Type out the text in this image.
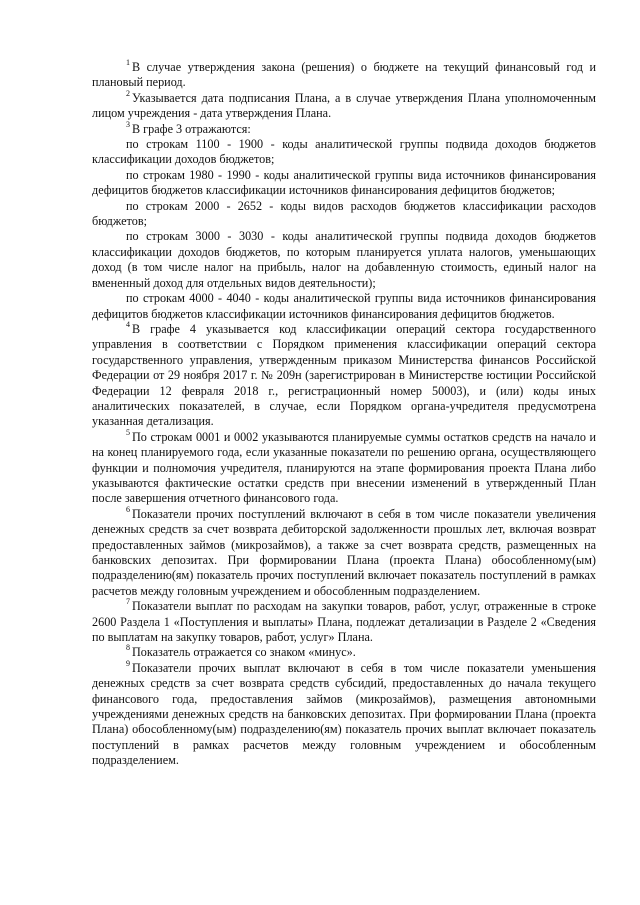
$^1$ В случае утверждения закона (решения) о бюджете на текущий финансовый год и плановый период.

$^2$ Указывается дата подписания Плана, а в случае утверждения Плана уполномоченным лицом учреждения - дата утверждения Плана.

$^3$ В графе 3 отражаются:

по строкам 1100 - 1900 - коды аналитической группы подвида доходов бюджетов классификации доходов бюджетов;

по строкам 1980 - 1990 - коды аналитической группы вида источников финансирования дефицитов бюджетов классификации источников финансирования дефицитов бюджетов;

по строкам 2000 - 2652 - коды видов расходов бюджетов классификации расходов бюджетов;

по строкам 3000 - 3030 - коды аналитической группы подвида доходов бюджетов классификации доходов бюджетов, по которым планируется уплата налогов, уменьшающих доход (в том числе налог на прибыль, налог на добавленную стоимость, единый налог на вмененный доход для отдельных видов деятельности);

по строкам 4000 - 4040 - коды аналитической группы вида источников финансирования дефицитов бюджетов классификации источников финансирования дефицитов бюджетов.

$^4$ В графе 4 указывается код классификации операций сектора государственного управления в соответствии с Порядком применения классификации операций сектора государственного управления, утвержденным приказом Министерства финансов Российской Федерации от 29 ноября 2017 г. № 209н (зарегистрирован в Министерстве юстиции Российской Федерации 12 февраля 2018 г., регистрационный номер 50003), и (или) коды иных аналитических показателей, в случае, если Порядком органа-учредителя предусмотрена указанная детализация.

$^5$ По строкам 0001 и 0002 указываются планируемые суммы остатков средств на начало и на конец планируемого года, если указанные показатели по решению органа, осуществляющего функции и полномочия учредителя, планируются на этапе формирования проекта Плана либо указываются фактические остатки средств при внесении изменений в утвержденный План после завершения отчетного финансового года.

$^6$ Показатели прочих поступлений включают в себя в том числе показатели увеличения денежных средств за счет возврата дебиторской задолженности прошлых лет, включая возврат предоставленных займов (микрозаймов), а также за счет возврата средств, размещенных на банковских депозитах. При формировании Плана (проекта Плана) обособленному(ым) подразделению(ям) показатель прочих поступлений включает показатель поступлений в рамках расчетов между головным учреждением и обособленным подразделением.

$^7$ Показатели выплат по расходам на закупки товаров, работ, услуг, отраженные в строке 2600 Раздела 1 «Поступления и выплаты» Плана, подлежат детализации в Разделе 2 «Сведения по выплатам на закупку товаров, работ, услуг» Плана.

$^8$ Показатель отражается со знаком «минус».

$^9$ Показатели прочих выплат включают в себя в том числе показатели уменьшения денежных средств за счет возврата средств субсидий, предоставленных до начала текущего финансового года, предоставления займов (микрозаймов), размещения автономными учреждениями денежных средств на банковских депозитах. При формировании Плана (проекта Плана) обособленному(ым) подразделению(ям) показатель прочих выплат включает показатель поступлений в рамках расчетов между головным учреждением и обособленным подразделением.
